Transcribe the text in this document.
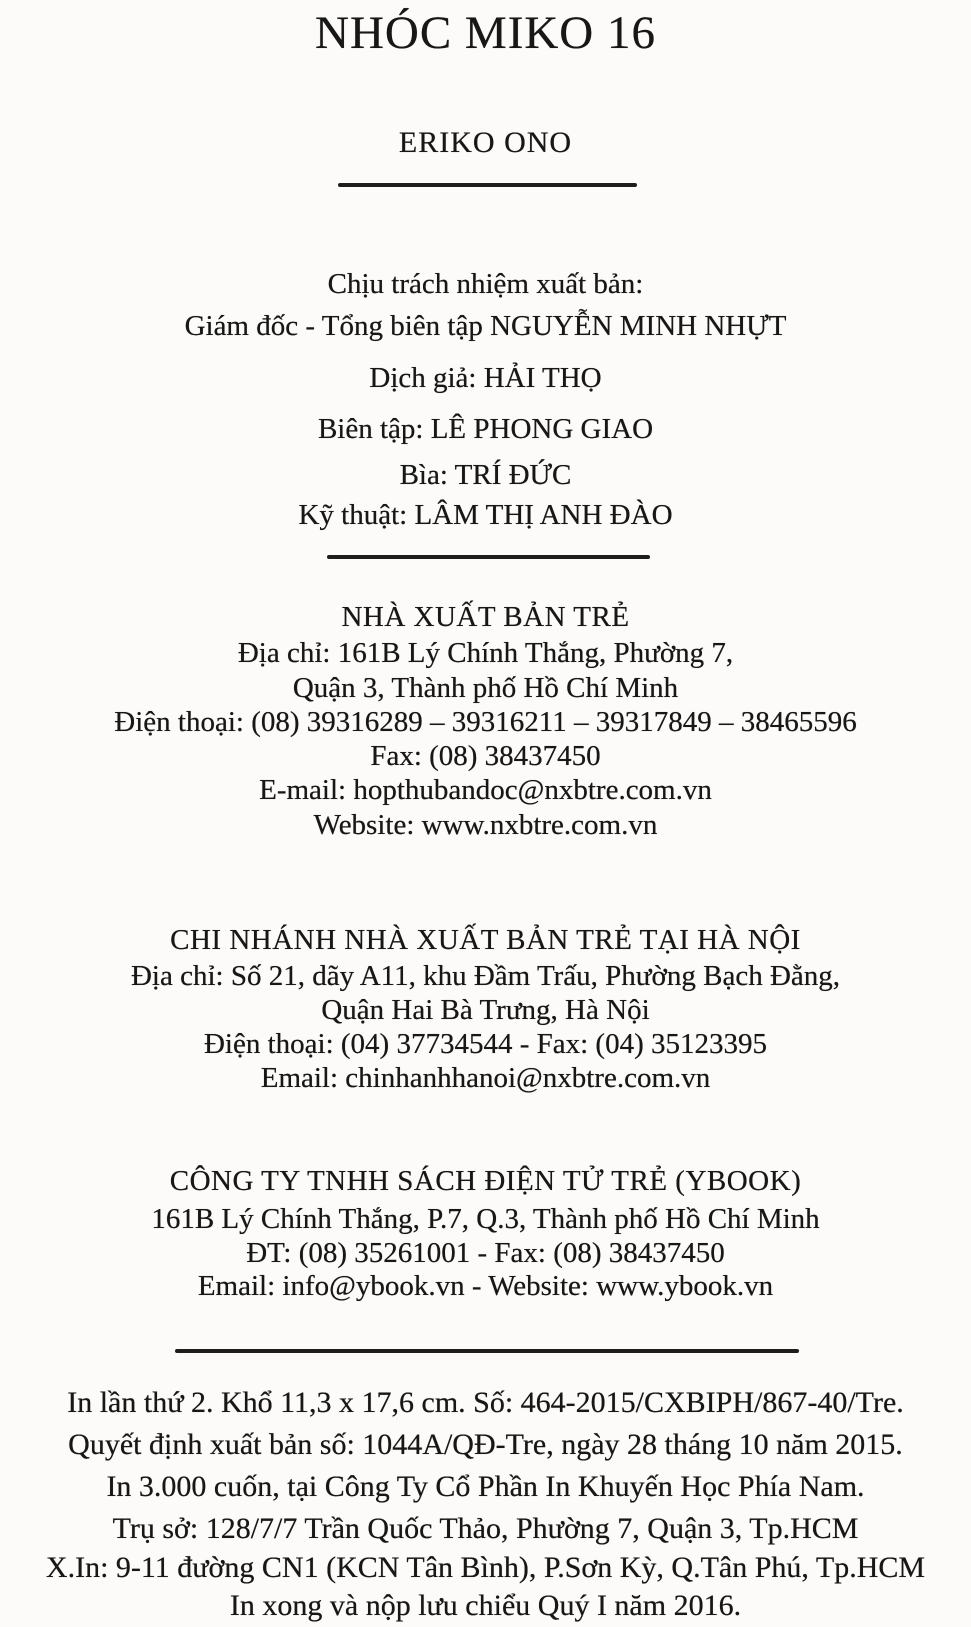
NHÓC MIKO 16
ERIKO ONO
Chịu trách nhiệm xuất bản:
Giám đốc - Tổng biên tập NGUYỄN MINH NHỰT
Dịch giả: HẢI THỌ
Biên tập: LÊ PHONG GIAO
Bìa: TRÍ ĐỨC
Kỹ thuật: LÂM THỊ ANH ĐÀO
NHÀ XUẤT BẢN TRẺ
Địa chỉ: 161B Lý Chính Thắng, Phường 7,
Quận 3, Thành phố Hồ Chí Minh
Điện thoại: (08) 39316289 – 39316211 – 39317849 – 38465596
Fax: (08) 38437450
E-mail: hopthubandoc@nxbtre.com.vn
Website: www.nxbtre.com.vn
CHI NHÁNH NHÀ XUẤT BẢN TRẺ TẠI HÀ NỘI
Địa chỉ: Số 21, dãy A11, khu Đầm Trấu, Phường Bạch Đằng,
Quận Hai Bà Trưng, Hà Nội
Điện thoại: (04) 37734544 - Fax: (04) 35123395
Email: chinhanhhanoi@nxbtre.com.vn
CÔNG TY TNHH SÁCH ĐIỆN TỬ TRẺ (YBOOK)
161B Lý Chính Thắng, P.7, Q.3, Thành phố Hồ Chí Minh
ĐT: (08) 35261001 - Fax: (08) 38437450
Email: info@ybook.vn - Website: www.ybook.vn
In lần thứ 2. Khổ 11,3 x 17,6 cm. Số: 464-2015/CXBIPH/867-40/Tre.
Quyết định xuất bản số: 1044A/QĐ-Tre, ngày 28 tháng 10 năm 2015.
In 3.000 cuốn, tại Công Ty Cổ Phần In Khuyến Học Phía Nam.
Trụ sở: 128/7/7 Trần Quốc Thảo, Phường 7, Quận 3, Tp.HCM
X.In: 9-11 đường CN1 (KCN Tân Bình), P.Sơn Kỳ, Q.Tân Phú, Tp.HCM
In xong và nộp lưu chiểu Quý I năm 2016.
